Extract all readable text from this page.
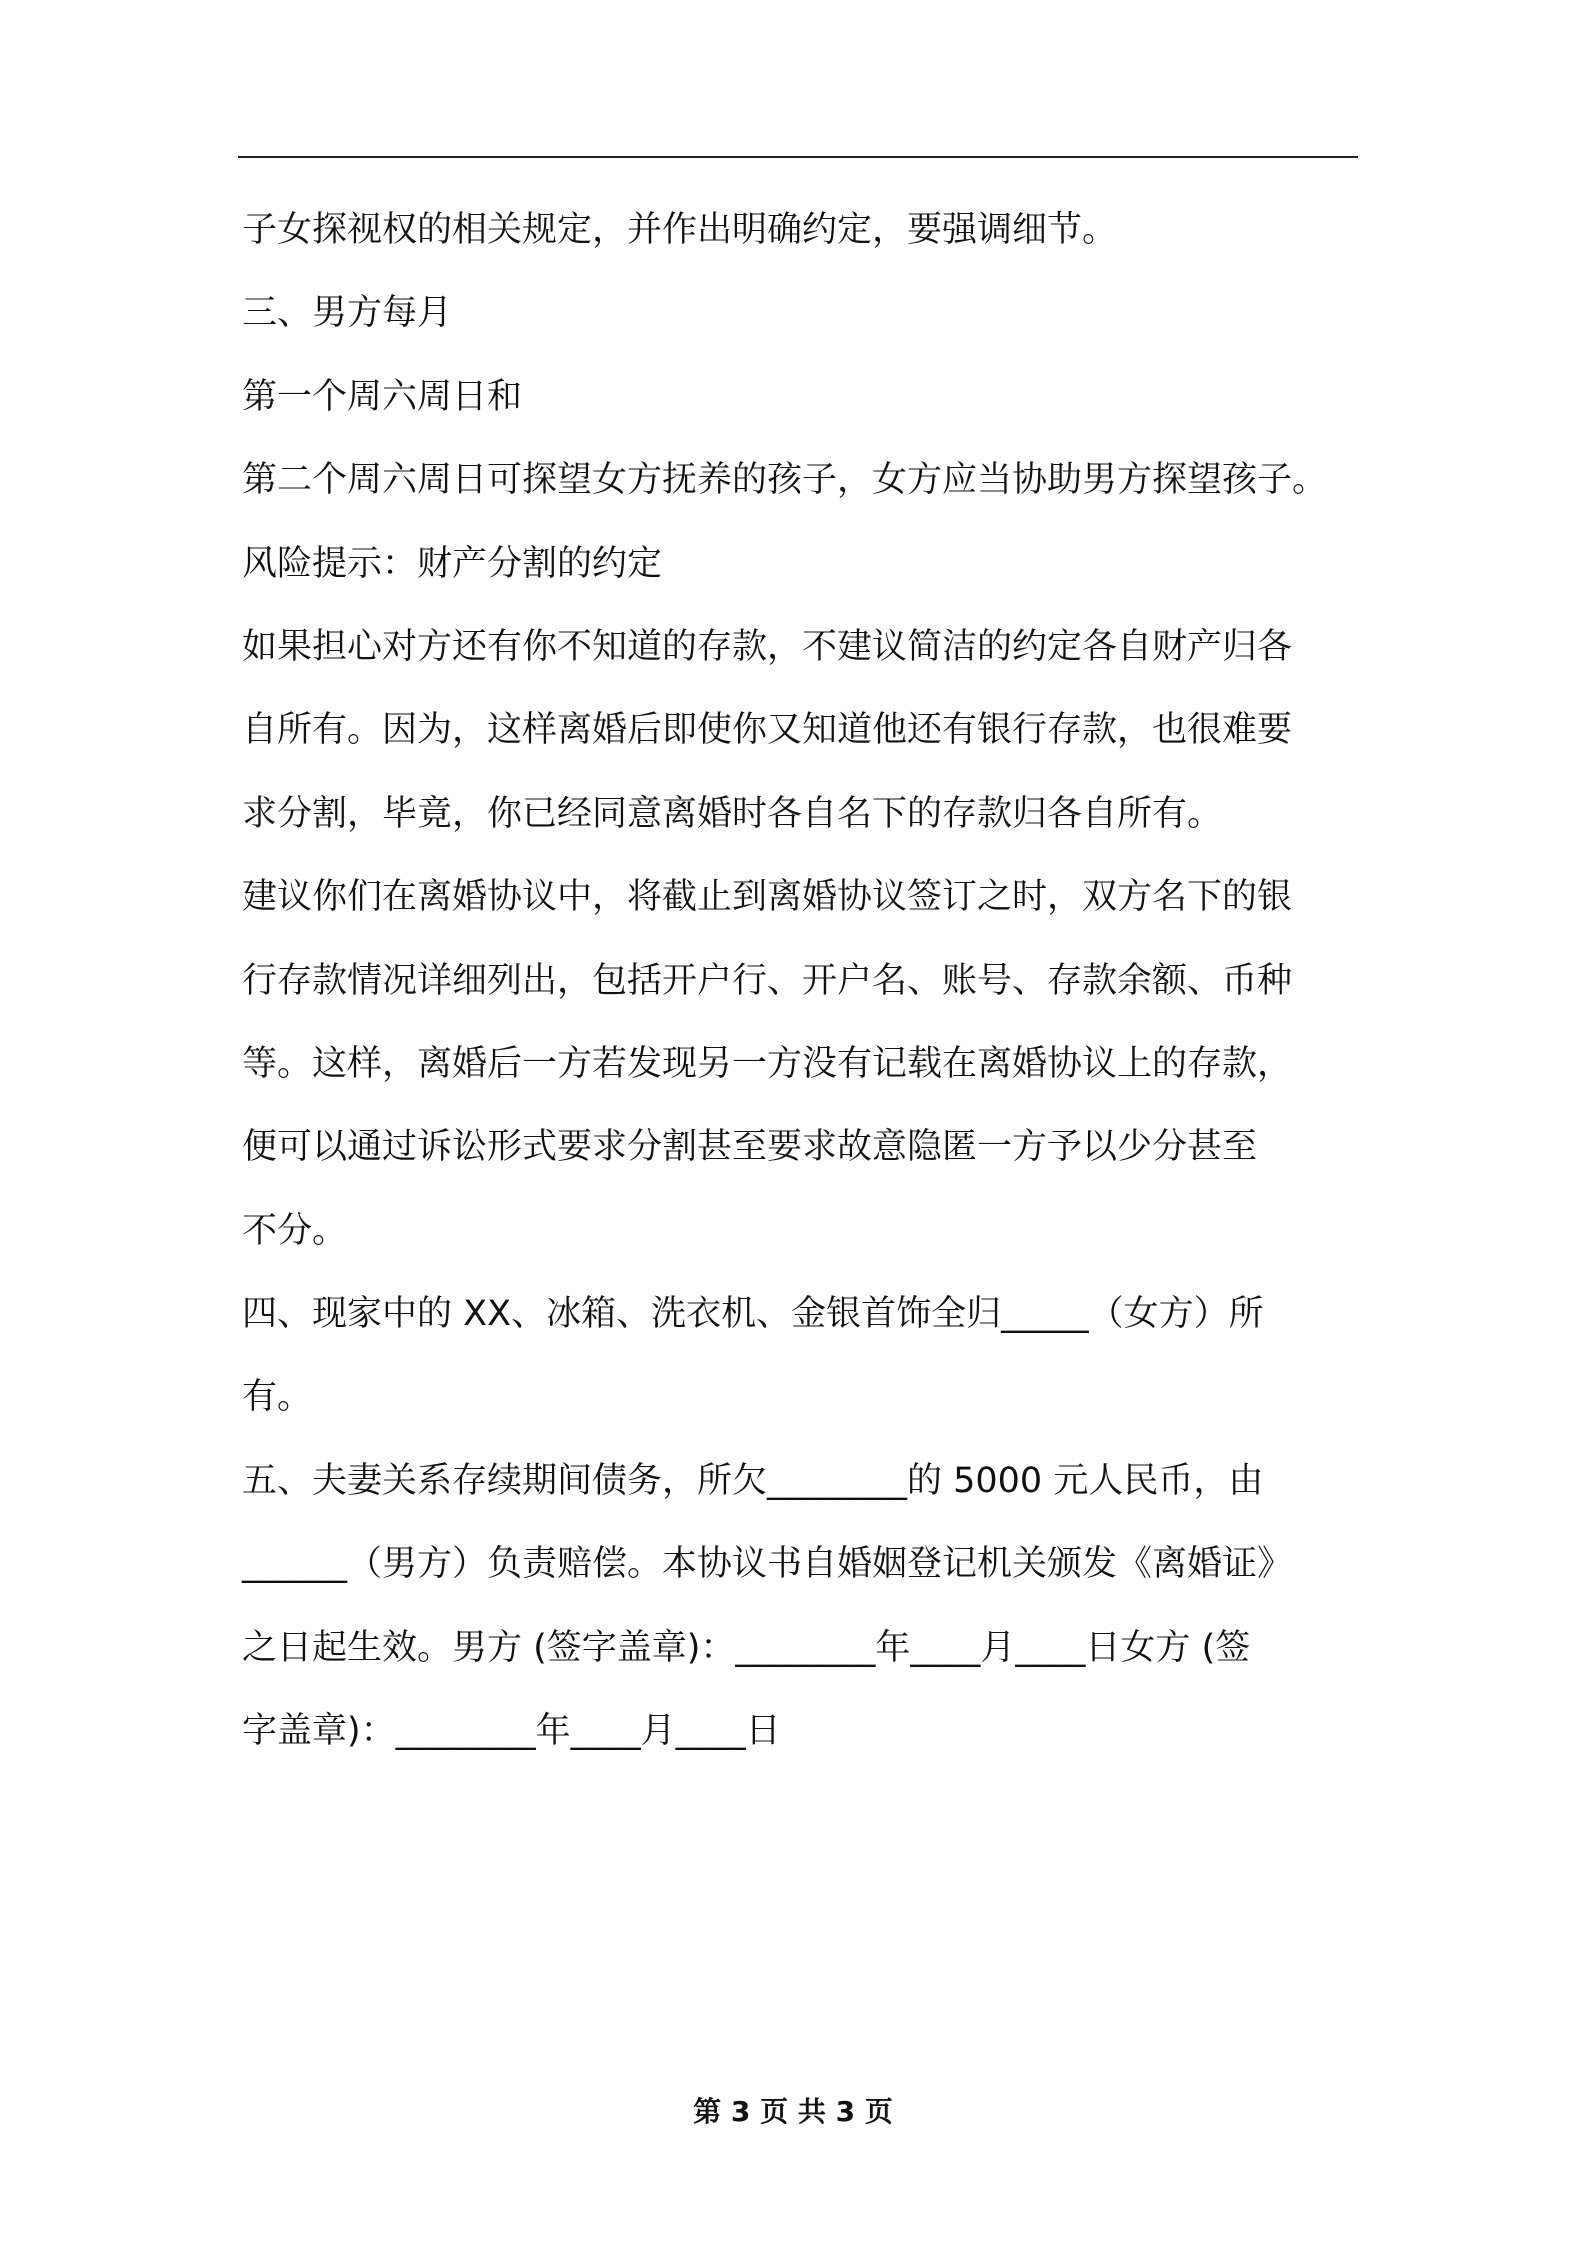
子女探视权的相关规定，并作出明确约定，要强调细节。
三、男方每月
第一个周六周日和
第二个周六周日可探望女方抚养的孩子，女方应当协助男方探望孩子。
风险提示：财产分割的约定
如果担心对方还有你不知道的存款，不建议简洁的约定各自财产归各
自所有。因为，这样离婚后即使你又知道他还有银行存款，也很难要
求分割，毕竟，你已经同意离婚时各自名下的存款归各自所有。
建议你们在离婚协议中，将截止到离婚协议签订之时，双方名下的银
行存款情况详细列出，包括开户行、开户名、账号、存款余额、币种
等。这样，离婚后一方若发现另一方没有记载在离婚协议上的存款，
便可以通过诉讼形式要求分割甚至要求故意隐匿一方予以少分甚至
不分。
四、现家中的 XX、冰箱、洗衣机、金银首饰全归_____（女方）所
有。
五、夫妻关系存续期间债务，所欠________的 5000 元人民币，由
______（男方）负责赔偿。本协议书自婚姻登记机关颁发《离婚证》
之日起生效。男方 (签字盖章)：________年____月____日女方 (签
字盖章)：________年____月____日
第 3 页 共 3 页
